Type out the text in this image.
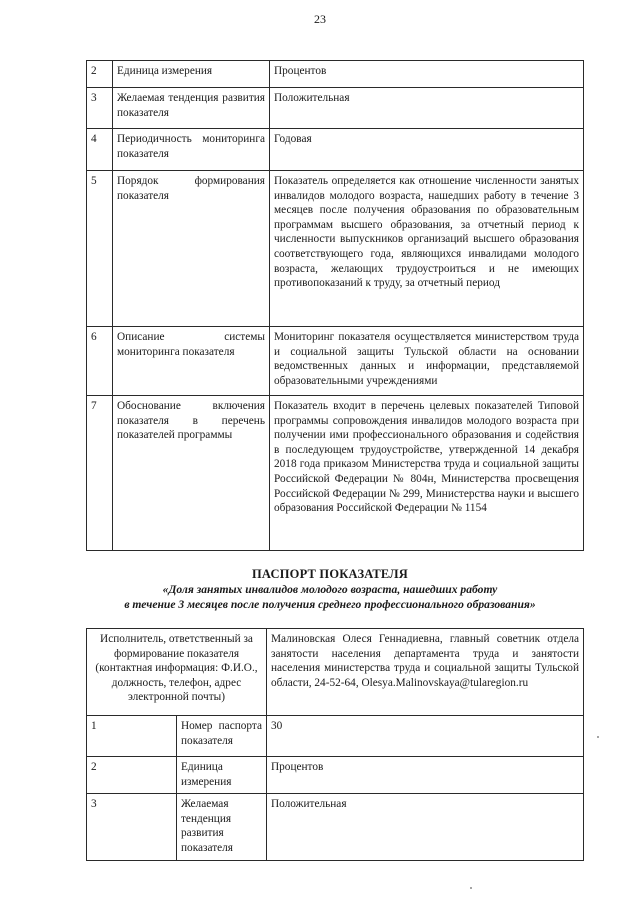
23
2	Единица измерения	Процентов
3	Желаемая тенденция развития показателя	Положительная
4	Периодичность мониторинга показателя	Годовая
5	Порядок формирования показателя	Показатель определяется как отношение численности занятых инвалидов молодого возраста, нашедших работу в течение 3 месяцев после получения образования по образовательным программам высшего образования, за отчетный период к численности выпускников организаций высшего образования соответствующего года, являющихся инвалидами молодого возраста, желающих трудоустроиться и не имеющих противопоказаний к труду, за отчетный период
6	Описание системы мониторинга показателя	Мониторинг показателя осуществляется министерством труда и социальной защиты Тульской области на основании ведомственных данных и информации, представляемой образовательными учреждениями
7	Обоснование включения показателя в перечень показателей программы	Показатель входит в перечень целевых показателей Типовой программы сопровождения инвалидов молодого возраста при получении ими профессионального образования и содействия в последующем трудоустройстве, утвержденной 14 декабря 2018 года приказом Министерства труда и социальной защиты Российской Федерации № 804н, Министерства просвещения Российской Федерации № 299, Министерства науки и высшего образования Российской Федерации № 1154
ПАСПОРТ ПОКАЗАТЕЛЯ
«Доля занятых инвалидов молодого возраста, нашедших работу
в течение 3 месяцев после получения среднего профессионального образования»
Исполнитель, ответственный за формирование показателя (контактная информация: Ф.И.О., должность, телефон, адрес электронной почты)		Малиновская Олеся Геннадиевна, главный советник отдела занятости населения департамента труда и занятости населения министерства труда и социальной защиты Тульской области, 24-52-64, Olesya.Malinovskaya@tularegion.ru
1	Номер паспорта показателя	30
2	Единица измерения	Процентов
3	Желаемая тенденция развития показателя	Положительная
